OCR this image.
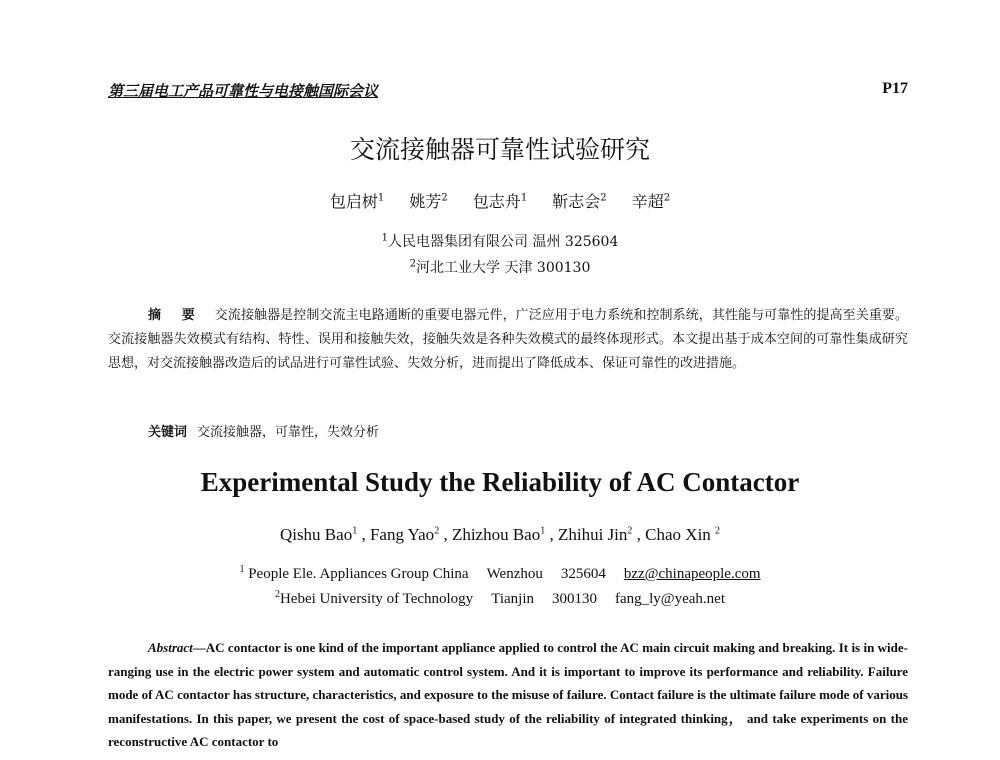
第三届电工产品可靠性与电接触国际会议	P17
交流接触器可靠性试验研究
包启树$^1$ 姚芳$^2$ 包志舟$^1$ 靳志会$^2$ 辛超$^2$
$^1$人民电器集团有限公司 温州 325604
$^2$河北工业大学 天津 300130
摘 要 交流接触器是控制交流主电路通断的重要电器元件，广泛应用于电力系统和控制系统，其性能与可靠性的提高至关重要。交流接触器失效模式有结构、特性、误用和接触失效，接触失效是各种失效模式的最终体现形式。本文提出基于成本空间的可靠性集成研究思想，对交流接触器改造后的试品进行可靠性试验、失效分析，进而提出了降低成本、保证可靠性的改进措施。
关键词 交流接触器，可靠性，失效分析
Experimental Study the Reliability of AC Contactor
Qishu Bao$^1$ , Fang Yao$^2$ , Zhizhou Bao$^1$ , Zhihui Jin$^2$ , Chao Xin $^2$
$^1$ People Ele. Appliances Group China Wenzhou 325604 bzz@chinapeople.com
$^2$Hebei University of Technology Tianjin 300130 fang_ly@yeah.net
Abstract—AC contactor is one kind of the important appliance applied to control the AC main circuit making and breaking. It is in wide-ranging use in the electric power system and automatic control system. And it is important to improve its performance and reliability. Failure mode of AC contactor has structure, characteristics, and exposure to the misuse of failure. Contact failure is the ultimate failure mode of various manifestations. In this paper, we present the cost of space-based study of the reliability of integrated thinking， and take experiments on the reconstructive AC contactor to
